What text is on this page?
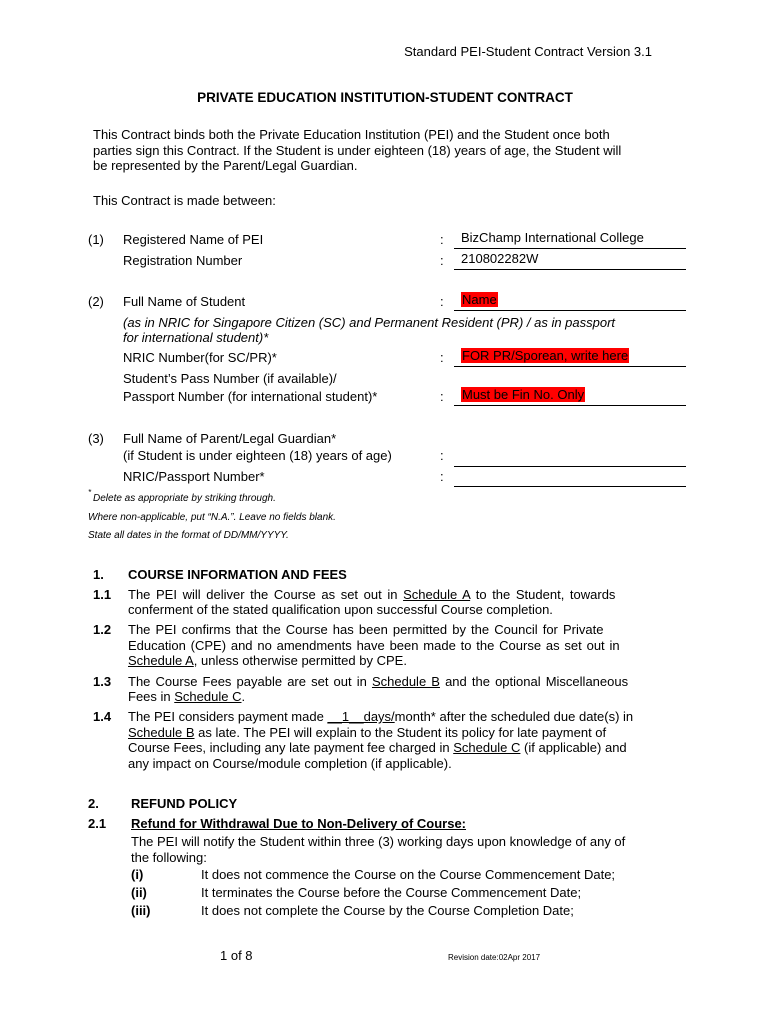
Standard PEI-Student Contract Version 3.1
PRIVATE EDUCATION INSTITUTION-STUDENT CONTRACT
This Contract binds both the Private Education Institution (PEI) and the Student once both
parties sign this Contract. If the Student is under eighteen (18) years of age, the Student will
be represented by the Parent/Legal Guardian.
This Contract is made between:
(1) Registered Name of PEI	: BizChamp International College
Registration Number	: 210802282W
(2) Full Name of Student	: Name
(as in NRIC for Singapore Citizen (SC) and Permanent Resident (PR) / as in passport
for international student)*
NRIC Number(for SC/PR)*	: FOR PR/Sporean, write here
Student’s Pass Number (if available)/
Passport Number (for international student)*	: Must be Fin No. Only
(3) Full Name of Parent/Legal Guardian*
(if Student is under eighteen (18) years of age)	:
NRIC/Passport Number*	:
*
Delete as appropriate by striking through.
Where non-applicable, put “N.A.”. Leave no fields blank.
State all dates in the format of DD/MM/YYYY.
1. COURSE INFORMATION AND FEES
1.1 The PEI will deliver the Course as set out in Schedule A to the Student, towards
conferment of the stated qualification upon successful Course completion.
1.2 The PEI confirms that the Course has been permitted by the Council for Private
Education (CPE) and no amendments have been made to the Course as set out in
Schedule A, unless otherwise permitted by CPE.
1.3 The Course Fees payable are set out in Schedule B and the optional Miscellaneous
Fees in Schedule C.
1.4 The PEI considers payment made __1__days/month* after the scheduled due date(s) in
Schedule B as late. The PEI will explain to the Student its policy for late payment of
Course Fees, including any late payment fee charged in Schedule C (if applicable) and
any impact on Course/module completion (if applicable).
2. REFUND POLICY
2.1 Refund for Withdrawal Due to Non-Delivery of Course:
The PEI will notify the Student within three (3) working days upon knowledge of any of
the following:
(i)	It does not commence the Course on the Course Commencement Date;
(ii)	It terminates the Course before the Course Commencement Date;
(iii)	It does not complete the Course by the Course Completion Date;
1 of 8	Revision date:02Apr 2017
